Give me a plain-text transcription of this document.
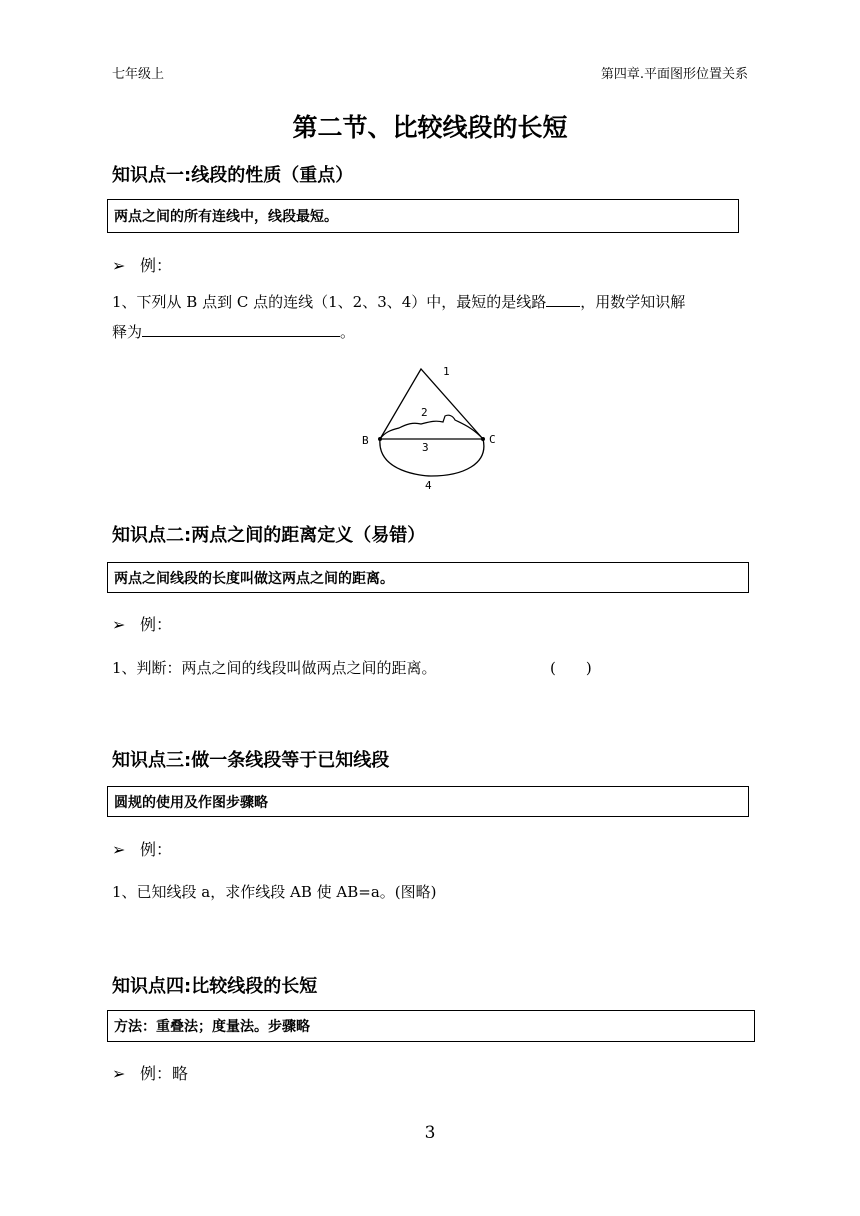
七年级上	第四章.平面图形位置关系
第二节、比较线段的长短
知识点一:线段的性质（重点）
两点之间的所有连线中，线段最短。
➢ 例：
1、下列从 B 点到 C 点的连线（1、2、3、4）中，最短的是线路 ，用数学知识解
释为	。
B	C
1
2
3
4
知识点二:两点之间的距离定义（易错）
两点之间线段的长度叫做这两点之间的距离。
➢ 例：
1、判断：两点之间的线段叫做两点之间的距离。	(　　)
知识点三:做一条线段等于已知线段
圆规的使用及作图步骤略
➢ 例：
1、已知线段 a，求作线段 AB 使 AB=a。(图略)
知识点四:比较线段的长短
方法：重叠法；度量法。步骤略
➢ 例：略
3
